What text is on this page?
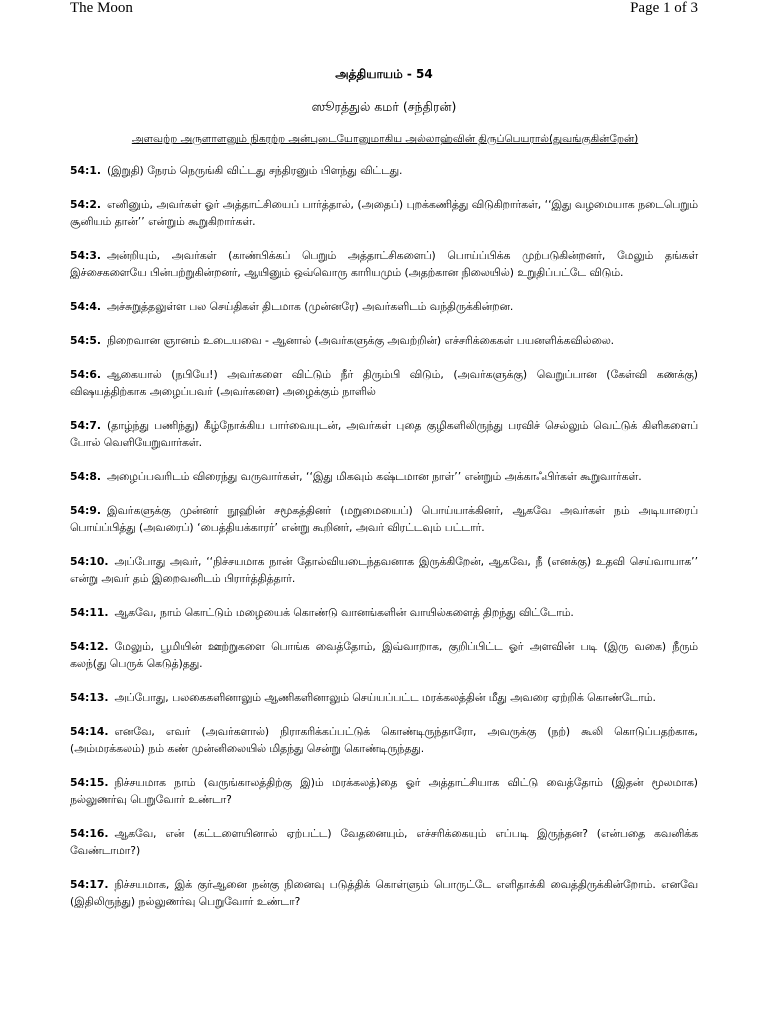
The Moon	Page 1 of 3
அத்தியாயம் - 54
ஸூரத்துல் கமர் (சந்திரன்)
அளவற்ற அருளாளனும் நிகரற்ற அன்புடையோனுமாகிய அல்லாஹ்வின் திருப்பெயரால்(துவங்குகின்றேன்)

54:1. (இறுதி) நேரம் நெருங்கி விட்டது சந்திரனும் பிளந்து விட்டது.

54:2. எனினும், அவர்கள் ஓர் அத்தாட்சியைப் பார்த்தால், (அதைப்) புறக்கணித்து விடுகிறார்கள், ‘‘இது வழமையாக நடைபெறும் சூனியம் தான்’’ என்றும் கூறுகிறார்கள்.

54:3. அன்றியும், அவர்கள் (காண்பிக்கப் பெறும் அத்தாட்சிகளைப்) பொய்ப்பிக்க முற்படுகின்றனர், மேலும் தங்கள் இச்சைகளையே பின்பற்றுகின்றனர், ஆயினும் ஒவ்வொரு காரியமும் (அதற்கான நிலையில்) உறுதிப்பட்டே விடும்.

54:4. அச்சுறுத்தலுள்ள பல செய்திகள் திடமாக (முன்னரே) அவர்களிடம் வந்திருக்கின்றன.

54:5. நிறைவான ஞானம் உடையவை - ஆனால் (அவர்களுக்கு அவற்றின்) எச்சரிக்கைகள் பயனளிக்கவில்லை.

54:6. ஆகையால் (நபியே!) அவர்களை விட்டும் நீர் திரும்பி விடும், (அவர்களுக்கு) வெறுப்பான (கேள்வி கணக்கு) விஷயத்திற்காக அழைப்பவர் (அவர்களை) அழைக்கும் நாளில்

54:7. (தாழ்ந்து பணிந்து) கீழ்நோக்கிய பார்வையுடன், அவர்கள் புதை குழிகளிலிருந்து பரவிச் செல்லும் வெட்டுக் கிளிகளைப் போல் வெளியேறுவார்கள்.

54:8. அழைப்பவரிடம் விரைந்து வருவார்கள், ‘‘இது மிகவும் கஷ்டமான நாள்’’ என்றும் அக்காஃபிர்கள் கூறுவார்கள்.

54:9. இவர்களுக்கு முன்னர் நூஹின் சமூகத்தினர் (மறுமையைப்) பொய்யாக்கினர், ஆகவே அவர்கள் நம் அடியாரைப் பொய்ப்பித்து (அவரைப்) ‘பைத்தியக்காரர்’ என்று கூறினர், அவர் விரட்டவும் பட்டார்.

54:10. அப்போது அவர், ‘‘நிச்சயமாக நான் தோல்வியடைந்தவனாக இருக்கிறேன், ஆகவே, நீ (எனக்கு) உதவி செய்வாயாக’’ என்று அவர் தம் இறைவனிடம் பிரார்த்தித்தார்.

54:11. ஆகவே, நாம் கொட்டும் மழையைக் கொண்டு வானங்களின் வாயில்களைத் திறந்து விட்டோம்.

54:12. மேலும், பூமியின் ஊற்றுகளை பொங்க வைத்தோம், இவ்வாறாக, குறிப்பிட்ட ஓர் அளவின் படி (இரு வகை) நீரும் கலந்(து பெருக் கெடுத்)தது.

54:13. அப்போது, பலகைகளினாலும் ஆணிகளினாலும் செய்யப்பட்ட மரக்கலத்தின் மீது அவரை ஏற்றிக் கொண்டோம்.

54:14. எனவே, எவர் (அவர்களால்) நிராகரிக்கப்பட்டுக் கொண்டிருந்தாரோ, அவருக்கு (நற்) கூலி கொடுப்பதற்காக, (அம்மரக்கலம்) நம் கண் முன்னிலையில் மிதந்து சென்று கொண்டிருந்தது.

54:15. நிச்சயமாக நாம் (வருங்காலத்திற்கு இ)ம் மரக்கலத்)தை ஓர் அத்தாட்சியாக விட்டு வைத்தோம் (இதன் மூலமாக) நல்லுணர்வு பெறுவோர் உண்டா?

54:16. ஆகவே, என் (கட்டளையினால் ஏற்பட்ட) வேதனையும், எச்சரிக்கையும் எப்படி இருந்தன? (என்பதை கவனிக்க வேண்டாமா?)

54:17. நிச்சயமாக, இக் குர்ஆனை நன்கு நினைவு படுத்திக் கொள்ளும் பொருட்டே எளிதாக்கி வைத்திருக்கின்றோம். எனவே (இதிலிருந்து) நல்லுணர்வு பெறுவோர் உண்டா?
